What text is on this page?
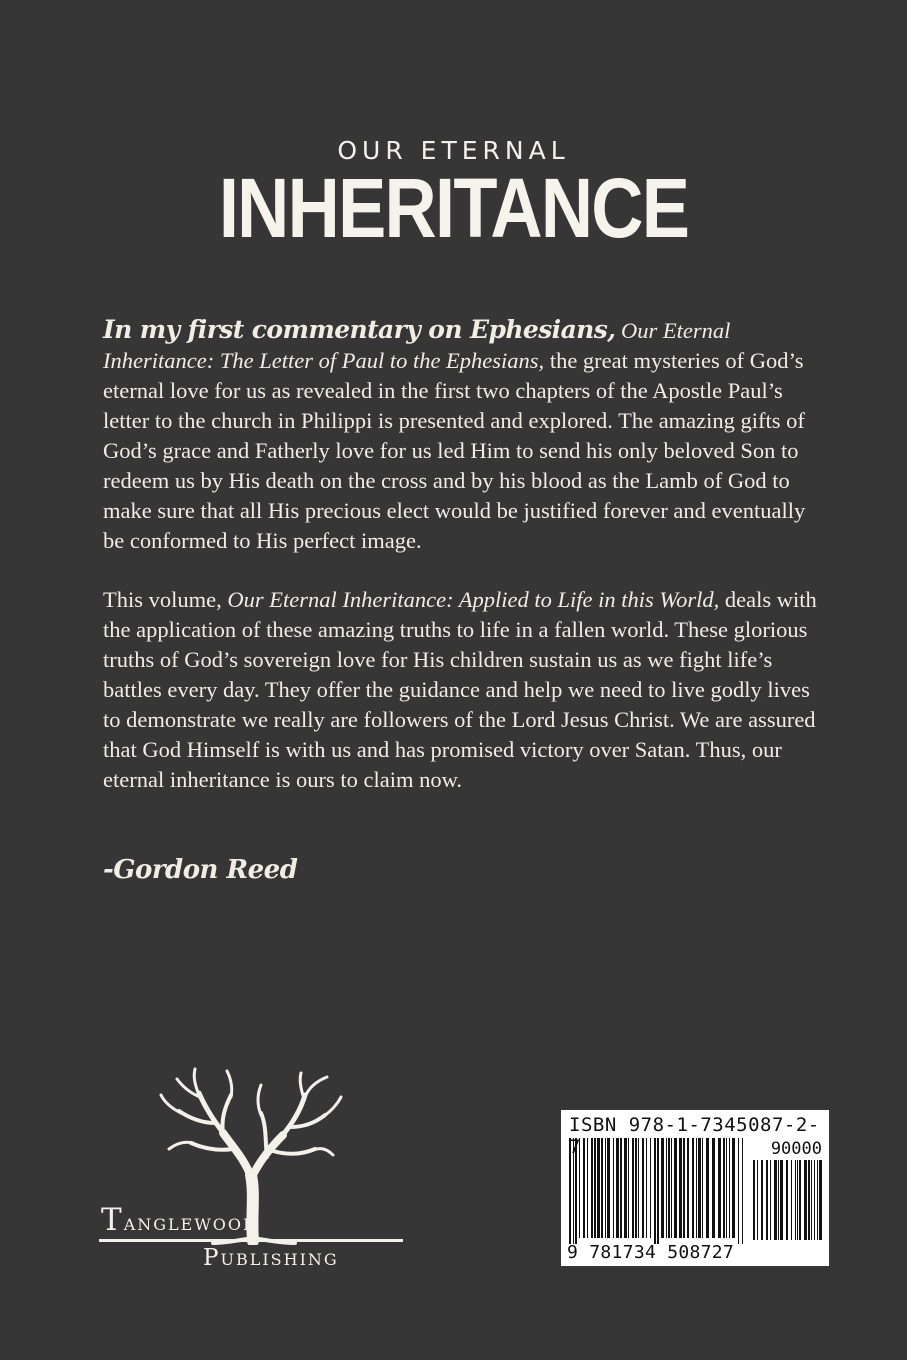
OUR ETERNAL
INHERITANCE
In my first commentary on Ephesians, Our Eternal Inheritance: The Letter of Paul to the Ephesians, the great mysteries of God’s eternal love for us as revealed in the first two chapters of the Apostle Paul’s letter to the church in Philippi is presented and explored. The amazing gifts of God’s grace and Fatherly love for us led Him to send his only beloved Son to redeem us by His death on the cross and by his blood as the Lamb of God to make sure that all His precious elect would be justified forever and eventually be conformed to His perfect image.
This volume, Our Eternal Inheritance: Applied to Life in this World, deals with the application of these amazing truths to life in a fallen world. These glorious truths of God’s sovereign love for His children sustain us as we fight life’s battles every day. They offer the guidance and help we need to live godly lives to demonstrate we really are followers of the Lord Jesus Christ. We are assured that God Himself is with us and has promised victory over Satan. Thus, our eternal inheritance is ours to claim now.
-Gordon Reed
Tanglewood
Publishing
ISBN 978-1-7345087-2-7	90000
9 781734 508727
